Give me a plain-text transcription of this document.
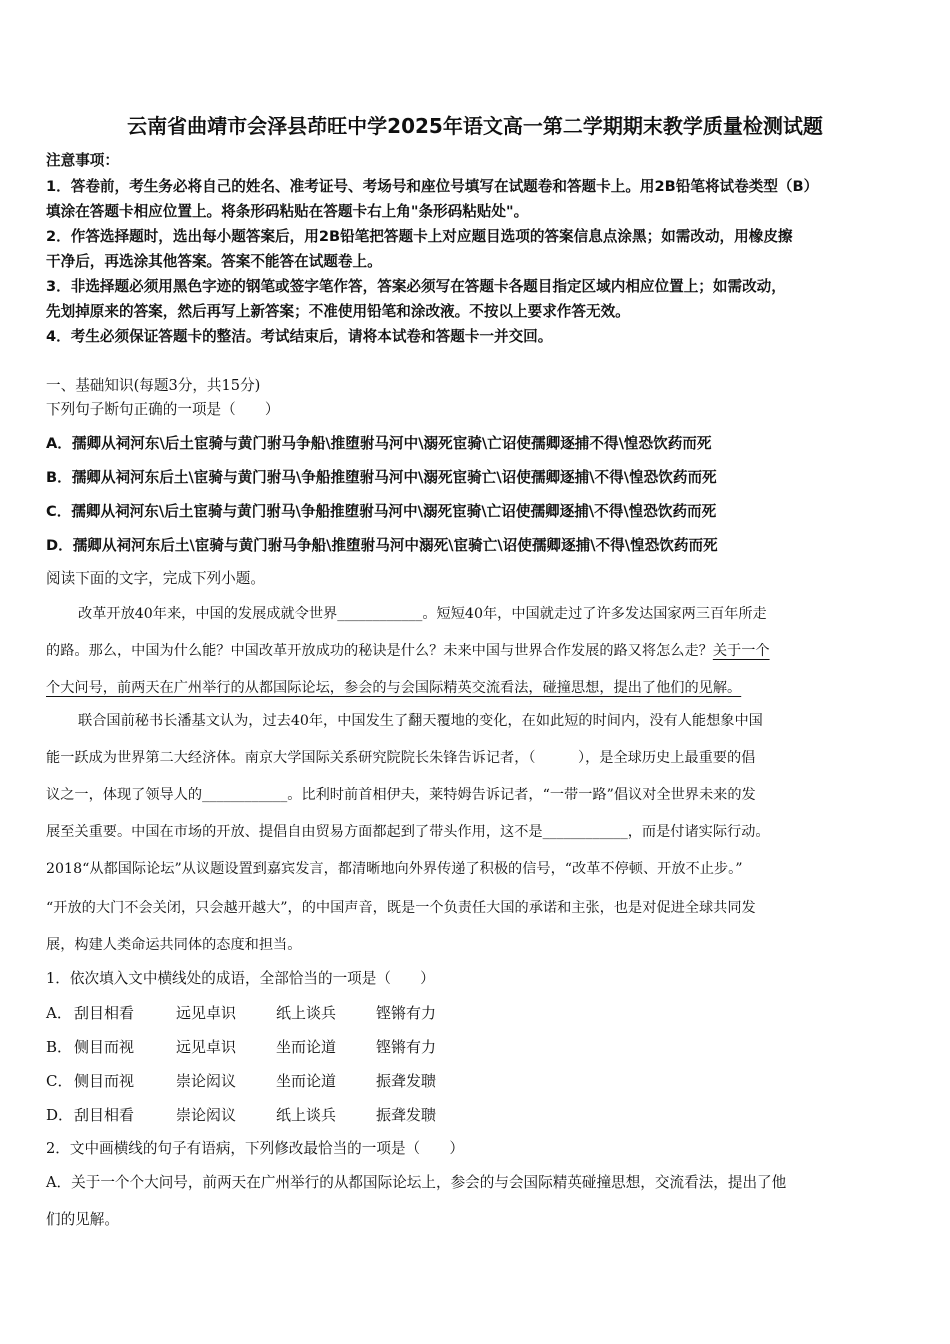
云南省曲靖市会泽县茚旺中学2025年语文高一第二学期期末教学质量检测试题
注意事项：
1．答卷前，考生务必将自己的姓名、准考证号、考场号和座位号填写在试题卷和答题卡上。用2B铅笔将试卷类型（B）
填涂在答题卡相应位置上。将条形码粘贴在答题卡右上角"条形码粘贴处"。
2．作答选择题时，选出每小题答案后，用2B铅笔把答题卡上对应题目选项的答案信息点涂黑；如需改动，用橡皮擦
干净后，再选涂其他答案。答案不能答在试题卷上。
3．非选择题必须用黑色字迹的钢笔或签字笔作答，答案必须写在答题卡各题目指定区域内相应位置上；如需改动，
先划掉原来的答案，然后再写上新答案；不准使用铅笔和涂改液。不按以上要求作答无效。
4．考生必须保证答题卡的整洁。考试结束后，请将本试卷和答题卡一并交回。
一、基础知识(每题3分，共15分)
下列句子断句正确的一项是（　　）
A．孺卿从祠河东\后土宦骑与黄门驸马争船\推堕驸马河中\溺死宦骑\亡诏使孺卿逐捕不得\惶恐饮药而死
B．孺卿从祠河东后土\宦骑与黄门驸马\争船推堕驸马河中\溺死宦骑亡\诏使孺卿逐捕\不得\惶恐饮药而死
C．孺卿从祠河东\后土宦骑与黄门驸马\争船推堕驸马河中\溺死宦骑\亡诏使孺卿逐捕\不得\惶恐饮药而死
D．孺卿从祠河东后土\宦骑与黄门驸马争船\推堕驸马河中溺死\宦骑亡\诏使孺卿逐捕\不得\惶恐饮药而死
阅读下面的文字，完成下列小题。
改革开放40年来，中国的发展成就令世界____________。短短40年，中国就走过了许多发达国家两三百年所走
的路。那么，中国为什么能？中国改革开放成功的秘诀是什么？未来中国与世界合作发展的路又将怎么走？关于一个
个大问号，前两天在广州举行的从都国际论坛，参会的与会国际精英交流看法，碰撞思想，提出了他们的见解。
联合国前秘书长潘基文认为，过去40年，中国发生了翻天覆地的变化，在如此短的时间内，没有人能想象中国
能一跃成为世界第二大经济体。南京大学国际关系研究院院长朱锋告诉记者，（　　　），是全球历史上最重要的倡
议之一，体现了领导人的____________。比利时前首相伊夫，莱特姆告诉记者，“一带一路”倡议对全世界未来的发
展至关重要。中国在市场的开放、提倡自由贸易方面都起到了带头作用，这不是____________，而是付诸实际行动。
2018“从都国际论坛”从议题设置到嘉宾发言，都清晰地向外界传递了积极的信号，“改革不停顿、开放不止步。”
“开放的大门不会关闭，只会越开越大”，的中国声音，既是一个负责任大国的承诺和主张，也是对促进全球共同发
展，构建人类命运共同体的态度和担当。
1．依次填入文中横线处的成语，全部恰当的一项是（　　）
A． 刮目相看	远见卓识	纸上谈兵	铿锵有力
B． 侧目而视	远见卓识	坐而论道	铿锵有力
C． 侧目而视	崇论闳议	坐而论道	振聋发聩
D． 刮目相看	崇论闳议	纸上谈兵	振聋发聩
2．文中画横线的句子有语病，下列修改最恰当的一项是（　　）
A．关于一个个大问号，前两天在广州举行的从都国际论坛上，参会的与会国际精英碰撞思想，交流看法，提出了他
们的见解。
